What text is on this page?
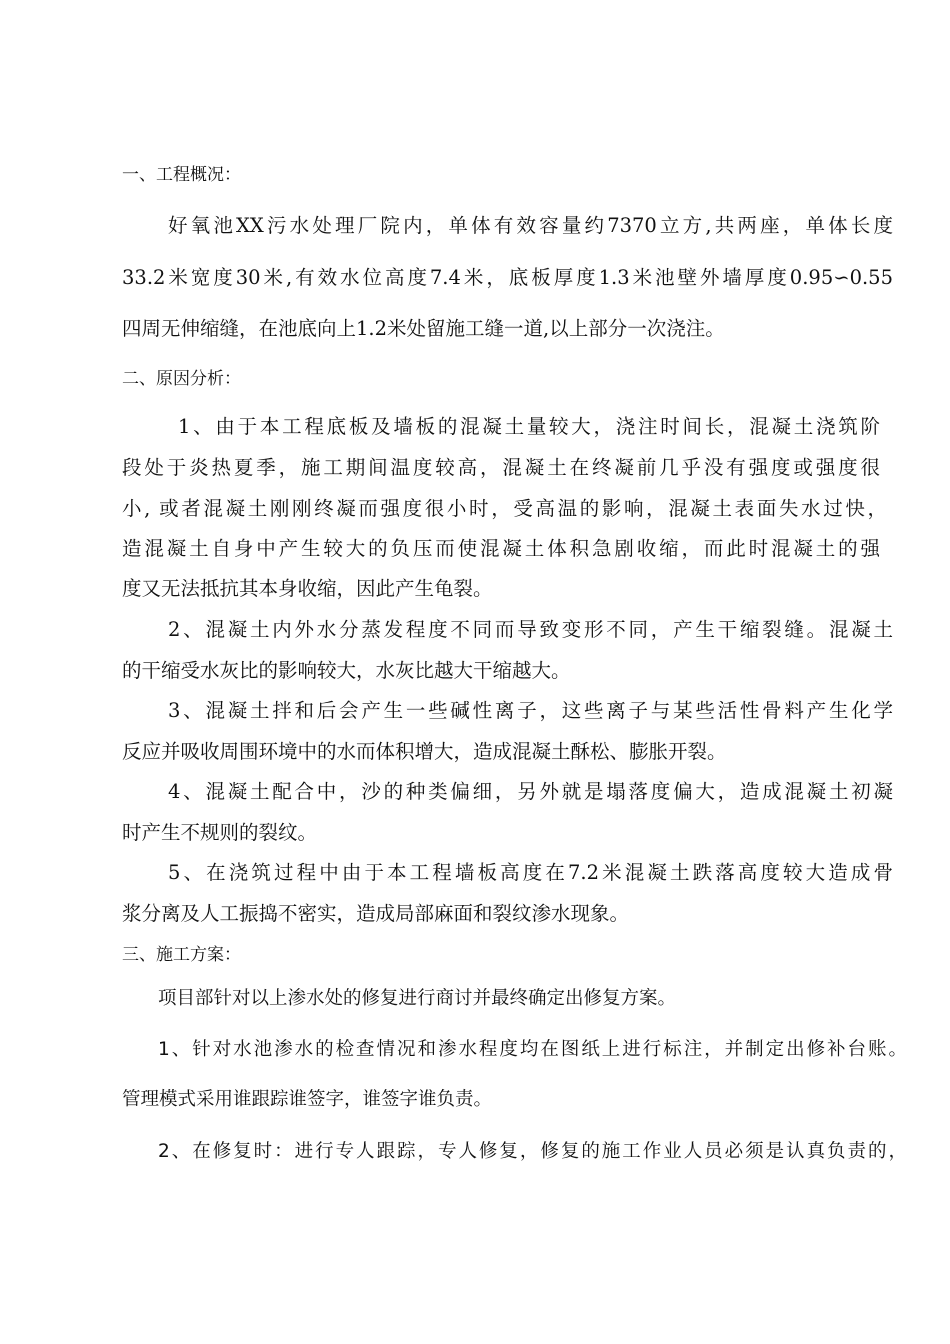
一、工程概况：
好氧池XX污水处理厂院内，单体有效容量约7370立方,共两座，单体长度
33.2米宽度30米,有效水位高度7.4米，底板厚度1.3米池壁外墙厚度0.95∽0.55
四周无伸缩缝，在池底向上1.2米处留施工缝一道,以上部分一次浇注。
二、原因分析：
1、由于本工程底板及墙板的混凝土量较大，浇注时间长，混凝土浇筑阶
段处于炎热夏季，施工期间温度较高，混凝土在终凝前几乎没有强度或强度很
小, 或者混凝土刚刚终凝而强度很小时，受高温的影响，混凝土表面失水过快，
造混凝土自身中产生较大的负压而使混凝土体积急剧收缩，而此时混凝土的强
度又无法抵抗其本身收缩，因此产生龟裂。
2、混凝土内外水分蒸发程度不同而导致变形不同，产生干缩裂缝。混凝土
的干缩受水灰比的影响较大，水灰比越大干缩越大。
3、混凝土拌和后会产生一些碱性离子，这些离子与某些活性骨料产生化学
反应并吸收周围环境中的水而体积增大，造成混凝土酥松、膨胀开裂。
4、混凝土配合中，沙的种类偏细，另外就是塌落度偏大，造成混凝土初凝
时产生不规则的裂纹。
5、在浇筑过程中由于本工程墙板高度在7.2米混凝土跌落高度较大造成骨
浆分离及人工振捣不密实，造成局部麻面和裂纹渗水现象。
三、施工方案：
项目部针对以上渗水处的修复进行商讨并最终确定出修复方案。
1、针对水池渗水的检查情况和渗水程度均在图纸上进行标注，并制定出修补台账。
管理模式采用谁跟踪谁签字，谁签字谁负责。
2、在修复时：进行专人跟踪，专人修复，修复的施工作业人员必须是认真负责的，
